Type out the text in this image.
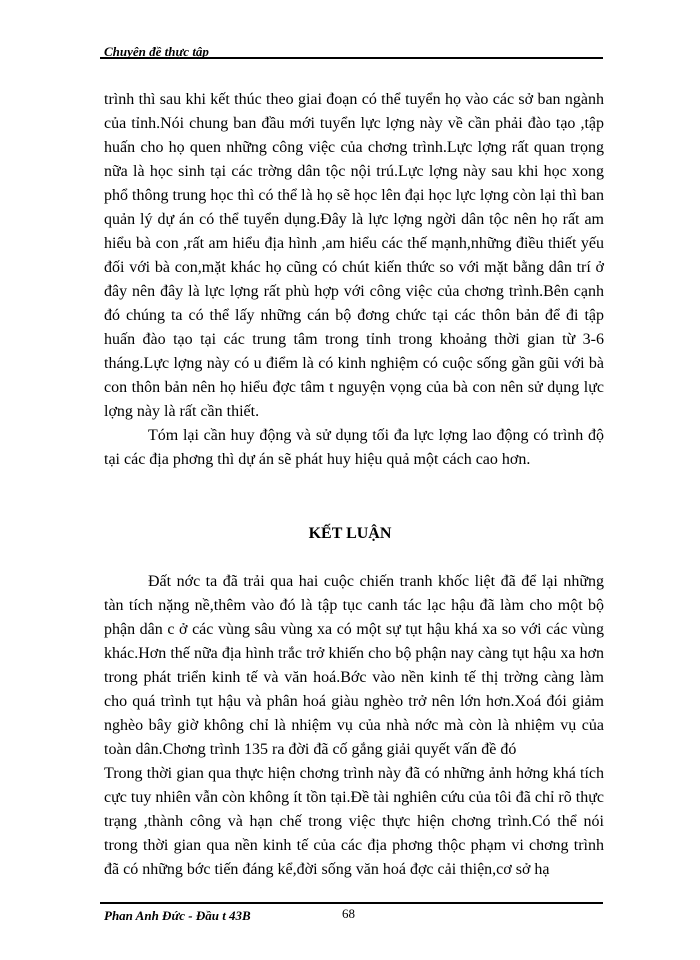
Chuyên đề thực tập

trình thì sau khi kết thúc theo giai đoạn có thể tuyển họ vào các sở ban ngành của tỉnh.Nói chung ban đầu mới tuyển lực lợng này về cần phải đào tạo ,tập huấn cho họ quen những công việc của chơng trình.Lực lợng rất quan trọng nữa là học sinh tại các trờng dân tộc nội trú.Lực lợng này sau khi học xong phổ thông trung học thì có thể là họ sẽ học lên đại học lực lợng còn lại thì ban quản lý dự án có thể tuyển dụng.Đây là lực lợng ngời dân tộc nên họ rất am hiểu bà con ,rất am hiểu địa hình ,am hiểu các thế mạnh,những điều thiết yếu đối với bà con,mặt khác họ cũng có chút kiến thức so với mặt bằng dân trí ở đây nên đây là lực lợng rất phù hợp với công việc của chơng trình.Bên cạnh đó chúng ta có thể lấy những cán bộ đơng chức tại các thôn bản để đi tập huấn đào tạo tại các trung tâm trong tỉnh trong khoảng thời gian từ 3-6 tháng.Lực lợng này có u điểm là có kinh nghiệm có cuộc sống gần gũi với bà con thôn bản nên họ hiểu đợc tâm t nguyện vọng của bà con nên sử dụng lực lợng này là rất cần thiết.

Tóm lại cần huy động và sử dụng tối đa lực lợng lao động có trình độ tại các địa phơng thì dự án sẽ phát huy hiệu quả một cách cao hơn.

KẾT LUẬN

Đất nớc ta đã trải qua hai cuộc chiến tranh khốc liệt đã để lại những tàn tích nặng nề,thêm vào đó là tập tục canh tác lạc hậu đã làm cho một bộ phận dân c ở các vùng sâu vùng xa có một sự tụt hậu khá xa so với các vùng khác.Hơn thế nữa địa hình trắc trở khiến cho bộ phận nay càng tụt hậu xa hơn trong phát triển kinh tế và văn hoá.Bớc vào nền kinh tế thị trờng càng làm cho quá trình tụt hậu và phân hoá giàu nghèo trở nên lớn hơn.Xoá đói giảm nghèo bây giờ không chỉ là nhiệm vụ của nhà nớc mà còn là nhiệm vụ của toàn dân.Chơng trình 135 ra đời đã cố gắng giải quyết vấn đề đó

Trong thời gian qua thực hiện chơng trình này đã có những ảnh hởng khá tích cực tuy nhiên vẫn còn không ít tồn tại.Đề tài nghiên cứu của tôi đã chỉ rõ thực trạng ,thành công và hạn chế trong việc thực hiện chơng trình.Có thể nói trong thời gian qua nền kinh tế của các địa phơng thộc phạm vi chơng trình đã có những bớc tiến đáng kể,đời sống văn hoá đợc cải thiện,cơ sở hạ

Phan Anh Đức - Đầu t 43B	68
